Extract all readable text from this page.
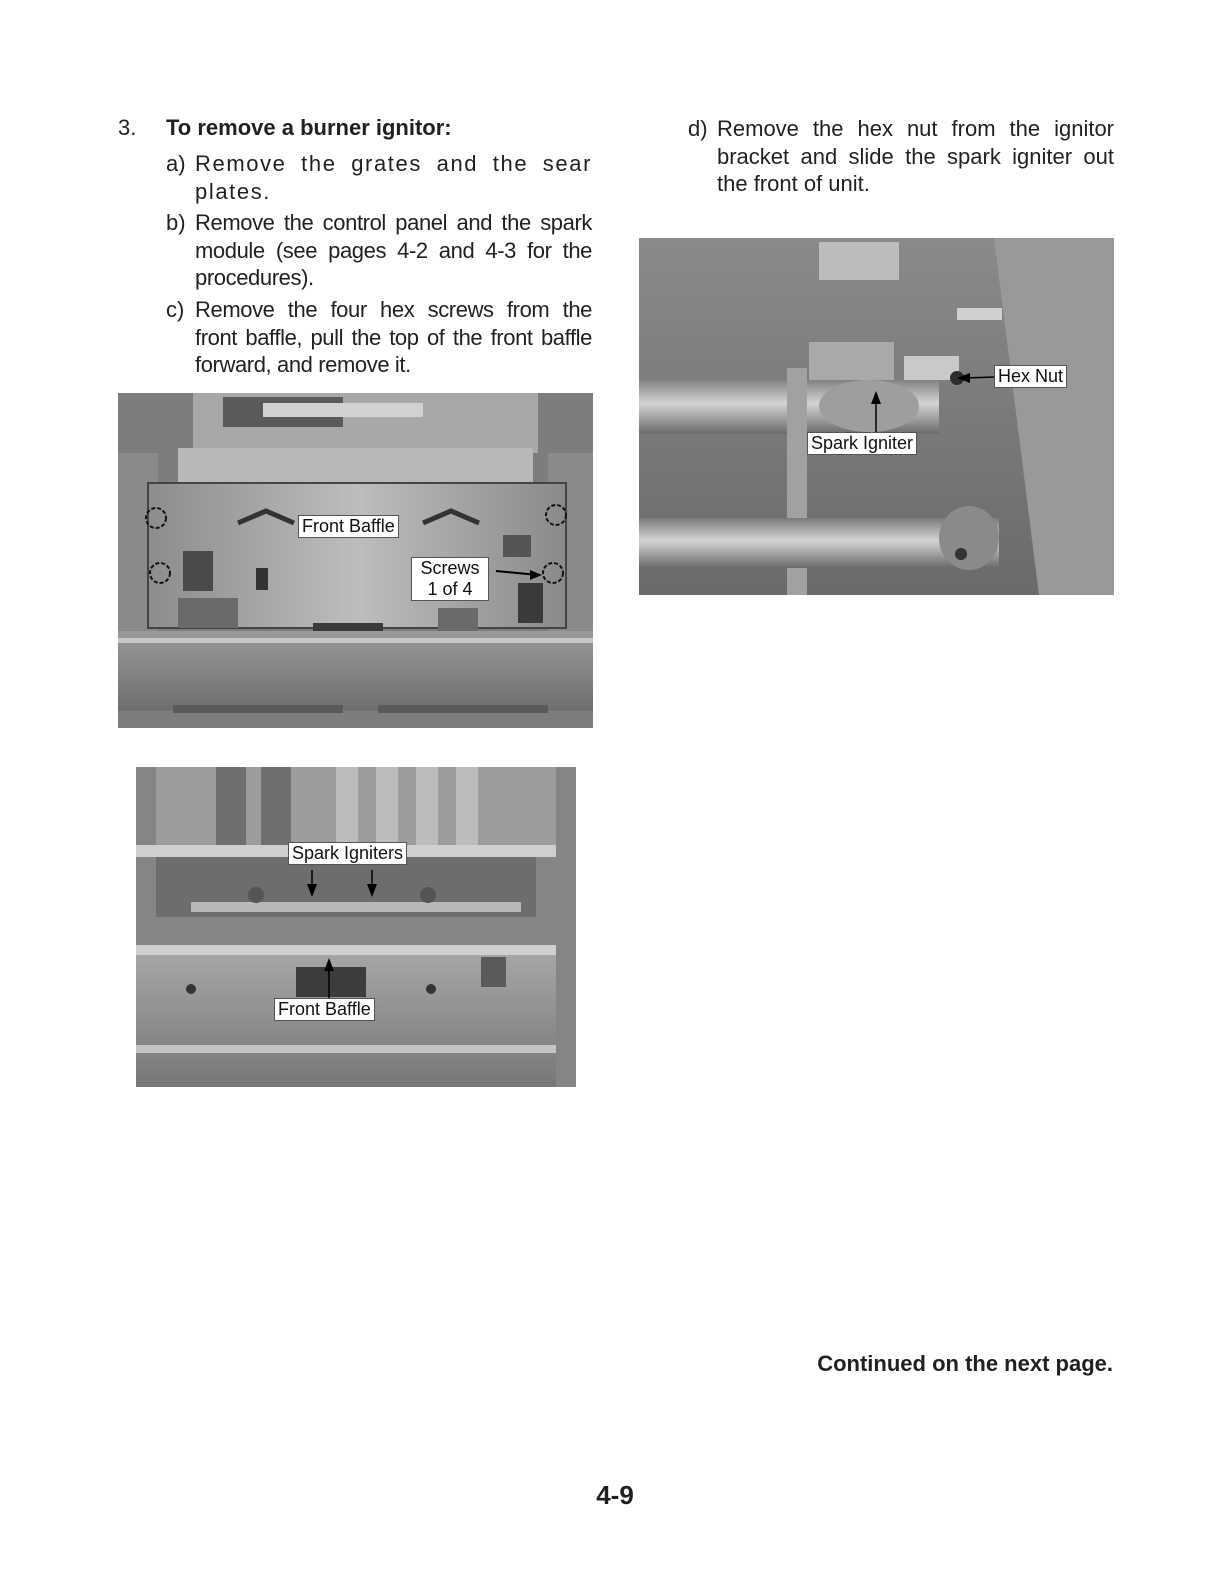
3. To remove a burner ignitor:
a) Remove the grates and the sear plates.
b) Remove the control panel and the spark module (see pages 4-2 and 4-3 for the procedures).
c) Remove the four hex screws from the front baffle, pull the top of the front baffle forward, and remove it.
d) Remove the hex nut from the ignitor bracket and slide the spark igniter out the front of unit.
Front Baffle
Screws
1 of 4
Spark Igniters
Front Baffle
Hex Nut
Spark Igniter
Continued on the next page.
4-9
